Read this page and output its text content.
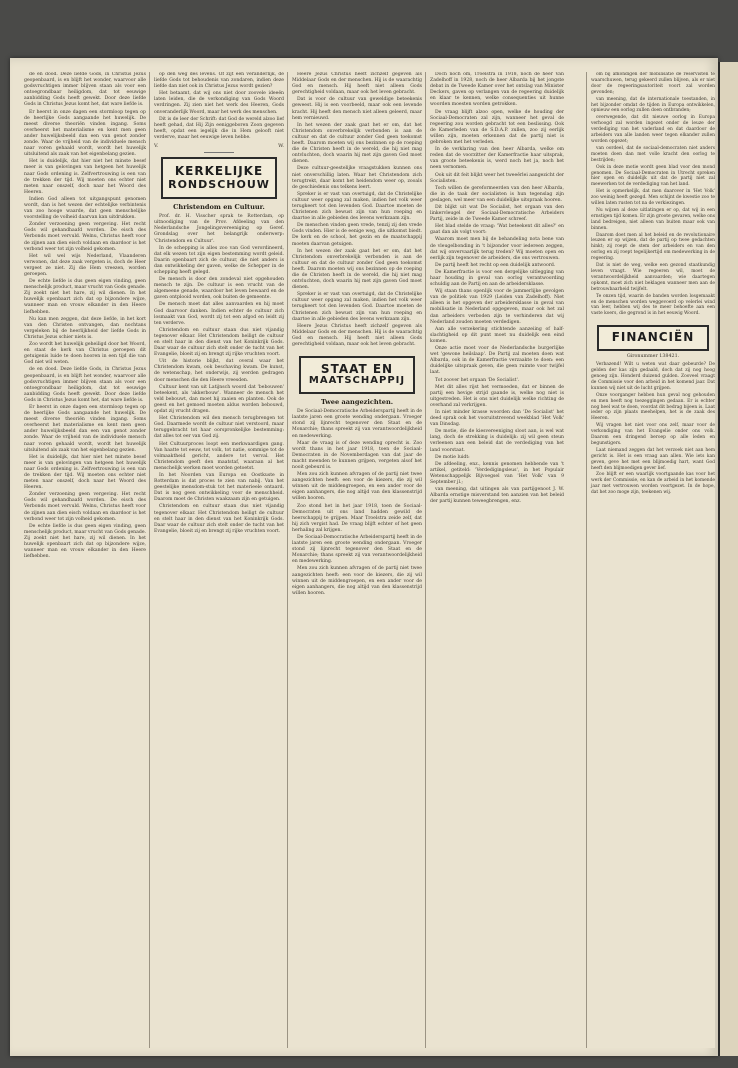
de en dood. Deze liefde Gods, in Christus Jezus geopenbaard, is en blijft het wonder, waarvoor alle godsvruchtigen immer blijven staan als voor een ontoegrondbaar heiligdom, dat tot eeuwige aanbidding Gods heeft gewekt. Door deze liefde Gods in Christus Jezus komt het, dat ware liefde is.

Er heerst in onze dagen een stormloop tegen op de heerlijke Gods aangaande het huwelijk. De meest diverse theoriën vinden ingang. Soms overheerst het materialisme en kent men geen ander huwelijksbeeld dan een van genot zonder zonde. Waar de vrijheid van de individuele mensch naar voren gehaald wordt, wordt het huwelijk uitsluitend als zaak van het eigenbelang gezien.

Het is duidelijk, dat hier niet het minste besef meer is van gelovingen van hetgeen het huwelijk naar Gods ordening is. Zelfvertrouwing is een van de trekken der tijd. Wij moeten ons echter niet meten naar onszelf, doch naar het Woord des Heeren.

Indien God alleen tot uitgangspunt genomen wordt, dan is het wezen der echtelijke verbintenis van zoo hooge waarde, dat geen menschelijke voorstelling de volheid daarvan kan uitdrukken.

Zonder verzoening geen vergeving. Het recht Gods wil gehandhaafd worden. De eisch des Verbonds moet vervuld. Welnu, Christus heeft voor de zijnen aan dien eisch voldaan en daardoor is het verbond weer tot zijn volheid gekomen.

Het wil wel wijs Nederland, Vlaanderen verwonen, dat deze zaak vergeten is, doch de Heer vergeet ze niet. Zij die Hem vreezen, worden geroepen.

De echte liefde is dus geen eigen vinding, geen menschelijk product, maar vrucht van Gods genade. Zij zoekt niet het hare, zij wil dienen. In het huwelijk openbaart zich dat op bijzondere wijze, wanneer man en vrouw elkander in den Heere liefhebben.

Nu kan men zeggen, dat deze liefde, in het kort van den Christen ontvangen, dan nochtans vergeleken bij de heerlijkheid der liefde Gods in Christus Jezus schier niets is.

Zoo wordt het huwelijk geheiligd door het Woord, en staat de kerk van Christus geroepen dit getuigenis luide te doen hooren in een tijd die van God niet wil weten.

de en dood. Deze liefde Gods, in Christus Jezus geopenbaard, is en blijft het wonder, waarvoor alle godsvruchtigen immer blijven staan als voor een ontoegrondbaar heiligdom, dat tot eeuwige aanbidding Gods heeft gewekt. Door deze liefde Gods in Christus Jezus komt het, dat ware liefde is.

Er heerst in onze dagen een stormloop tegen op de heerlijke Gods aangaande het huwelijk. De meest diverse theoriën vinden ingang. Soms overheerst het materialisme en kent men geen ander huwelijksbeeld dan een van genot zonder zonde. Waar de vrijheid van de individuele mensch naar voren gehaald wordt, wordt het huwelijk uitsluitend als zaak van het eigenbelang gezien.

Het is duidelijk, dat hier niet het minste besef meer is van gelovingen van hetgeen het huwelijk naar Gods ordening is. Zelfvertrouwing is een van de trekken der tijd. Wij moeten ons echter niet meten naar onszelf, doch naar het Woord des Heeren.

Zonder verzoening geen vergeving. Het recht Gods wil gehandhaafd worden. De eisch des Verbonds moet vervuld. Welnu, Christus heeft voor de zijnen aan dien eisch voldaan en daardoor is het verbond weer tot zijn volheid gekomen.

De echte liefde is dus geen eigen vinding, geen menschelijk product, maar vrucht van Gods genade. Zij zoekt niet het hare, zij wil dienen. In het huwelijk openbaart zich dat op bijzondere wijze, wanneer man en vrouw elkander in den Heere liefhebben.

op den weg des levens. Of zijt een veranderlijk, de liefde Gods tot behoudenis van zondaren, indien deze liefde dan niet ook in Christus Jezus wordt gezien?

Het betaamt, dat wij ons niet door zoovele ideeën laten leiden, die de verkondiging van Gods Woord verdringen. Zij zien niet het werk des Heeren, Gods onveranderlijk Woord, maar het werk des menschen.

Dit is de leer der Schrift: dat God de wereld alzoo lief heeft gehad, dat Hij Zijn eeniggeboren Zoon gegeven heeft, opdat een iegelijk die in Hem gelooft niet verderve, maar het eeuwige leven hebbe.

V.	W.
KERKELIJKE
RONDSCHOUW
Christendom en Cultuur.

Prof. dr. H. Visscher sprak te Rotterdam, op uitnoodiging van de Prov. Afdeeling van den Nederlandsche Jongelingsvereeniging op Geref. Grondslag over het belangrijk onderwerp: 'Christendom en Cultuur'.

In de schepping is alles zoo van God verordineerd, dat elk wezen tot zijn eigen bestemming wordt geleid. Daarin openbaart zich de cultuur, die niet anders is dan ontwikkeling der gaven, welke de Schepper in de schepping heeft gelegd.

De mensch is door den zondeval niet opgehouden mensch te zijn. De cultuur is een vrucht van de algemeene genade, waardoor het leven bewaard en de gaven ontplooid worden, ook buiten de gemeente.

De mensch moet dat alles aanvaarden en hij moet God daarvoor danken. Indien echter de cultuur zich losmaakt van God, wordt zij tot een afgod en leidt zij ten verderve.

Christendom en cultuur staan dus niet vijandig tegenover elkaar. Het Christendom heiligt de cultuur en stelt haar in den dienst van het Koninkrijk Gods. Daar waar de cultuur zich stelt onder de tucht van het Evangelie, bloeit zij en brengt zij rijke vruchten voort.

Uit de historie blijkt, dat overal waar het Christendom kwam, ook beschaving kwam. De kunst, de wetenschap, het onderwijs, zij werden gedragen door menschen die den Heere vreesden.

Cultuur kent van uit Latijnsch woord dat 'bebouwen' beteekent, als 'akkerbouw'. Wanneer de mensch het veld bebouwt, dan moet hij zaaien en planten. Ook de geest en het gemoed moeten aldus worden bebouwd, opdat zij vrucht dragen.

Het Christendom wil den mensch terugbrengen tot God. Daarmede wordt de cultuur niet verstoord, maar teruggebracht tot haar oorspronkelijke bestemming: dat alles tot eer van God zij.

Het Cultuurproces loopt een merkwaardigen gang. Van haatte tot eeuw, tot volk, tot natie, sommige tot de volmaaktheid gericht, andere tot verval. Het Christendom geeft den maatstaf, waaraan al het menschelijk werken moet worden getoetst.

In het Noorden van Europa en Oostkuste in Rotterdam is dat proces te zien van nabij. Van het geestelijke mensdom-stuk tot het materieele ontaard. Dat is nog geen ontwikkeling voor de menschheid. Daarom moet de Christen waakzaam zijn en getuigen.

Christendom en cultuur staan dus niet vijandig tegenover elkaar. Het Christendom heiligt de cultuur en stelt haar in den dienst van het Koninkrijk Gods. Daar waar de cultuur zich stelt onder de tucht van het Evangelie, bloeit zij en brengt zij rijke vruchten voort.

Heere Jezus Christus heeft zichzelf gegeven als Middelaar Gods en der menschen. Hij is de waarachtig God en mensch. Hij heeft niet alleen Gods gerechtigheid voldaan, maar ook het leven gebracht.

Dat is voor de cultuur van geweldige beteekenis geweest. Hij is een voorbeeld, maar ook een levende kracht. Hij heeft den mensch niet alleen geleerd, maar hem vernieuwd.

In het wezen der zaak gaat het er om, dat het Christendom onverbrekelijk verbonden is aan de cultuur en dat de cultuur zonder God geen toekomst heeft. Daarom moeten wij ons bezinnen op de roeping die de Christen heeft in de wereld, die hij niet mag ontvluchten, doch waarin hij met zijn gaven God moet dienen.

Deze cultuur-geestelijke vraagstukken kunnen ons niet onverschillig laten. Waar het Christendom zich terugtrekt, daar komt het heidendom weer op, zooals de geschiedenis ons telkens leert.

Spreker is er vast van overtuigd, dat de Christelijke cultuur weer opgang zal maken, indien het volk weer terugkeert tot den levenden God. Daartoe moeten de Christenen zich bewust zijn van hun roeping en daartoe in alle gebieden des levens werkzaam zijn.

De menschen vinden geen vrede, tenzij zij den vrede Gods vinden. Hier is de eenige weg, die uitkomst biedt. De kerk en de school, het gezin en de maatschappij moeten daarvan getuigen.

In het wezen der zaak gaat het er om, dat het Christendom onverbrekelijk verbonden is aan de cultuur en dat de cultuur zonder God geen toekomst heeft. Daarom moeten wij ons bezinnen op de roeping die de Christen heeft in de wereld, die hij niet mag ontvluchten, doch waarin hij met zijn gaven God moet dienen.

Spreker is er vast van overtuigd, dat de Christelijke cultuur weer opgang zal maken, indien het volk weer terugkeert tot den levenden God. Daartoe moeten de Christenen zich bewust zijn van hun roeping en daartoe in alle gebieden des levens werkzaam zijn.

Heere Jezus Christus heeft zichzelf gegeven als Middelaar Gods en der menschen. Hij is de waarachtig God en mensch. Hij heeft niet alleen Gods gerechtigheid voldaan, maar ook het leven gebracht.

STAAT EN
MAATSCHAPPIJ
Twee aangezichten.

De Sociaal-Democratische Arbeiderspartij heeft in de laatste jaren een groote wending ondergaan. Vroeger stond zij lijnrecht tegenover den Staat en de Monarchie; thans spreekt zij van verantwoordelijkheid en medewerking.

Maar de vraag is of deze wending oprecht is. Zoo wordt thans in het jaar 1918, toen de Sociaal-Democraten in de Novemberdagen van dat jaar de macht meenden te kunnen grijpen, vergeten alsof het nooit gebeurd is.

Men zou zich kunnen afvragen of de partij niet twee aangezichten heeft: een voor de kiezers, die zij wil winnen uit de middengroepen, en een ander voor de eigen aanhangers, die nog altijd van den klassenstrijd willen hooren.

Zoo stond het in het jaar 1918, toen de Sociaal-Democraten uit ons land hadden gewild de heerschappij te grijpen. Maar Troelstra zeide zelf, dat hij zich vergist had. De vraag blijft echter of het geen herhaling zal krijgen.

De Sociaal-Democratische Arbeiderspartij heeft in de laatste jaren een groote wending ondergaan. Vroeger stond zij lijnrecht tegenover den Staat en de Monarchie; thans spreekt zij van verantwoordelijkheid en medewerking.

Men zou zich kunnen afvragen of de partij niet twee aangezichten heeft: een voor de kiezers, die zij wil winnen uit de middengroepen, en een ander voor de eigen aanhangers, die nog altijd van den klassenstrijd willen hooren.

Doch noch om, Troelstra in 1918, noch de heer Van Zadelhoff in 1928, noch de heer Albarda bij het jongste debat in de Tweede Kamer over het ontslag van Minister Deckers, gaven op verlangen van de regeering duidelijk en klaar te kennen, welke consequenties uit hunne woorden moesten worden getrokken.

De vraag blijft alzoo open, welke de houding der Sociaal-Democraten zal zijn, wanneer het geval de regeering zou worden gebracht tot een beslissing. Ook de Kamerleden van de S.D.A.P. zullen, zoo zij eerlijk willen zijn, moeten erkennen dat de partij niet is gebroken met het verleden.

In de verklaring van den heer Albarda, welke om reden dat de voorzitter der Kamerfractie haar uitsprak, van groote beteekenis is, werd noch het ja, noch het neen vernomen.

Ook uit dit feit blijkt weer het tweeërlei aangezicht der Socialisten.

Toch willen de gereformeerden van den heer Albarda, die in de taak der socialisten is hun tegenslag zijn geslagen, wel meer van een duidelijke uitspraak hooren.

Dit blijkt uit wat De Socialist, het orgaan van den linkervleugel der Sociaal-Democratische Arbeiders Partij, zeide in de Tweede Kamer schreef.

Het blad stelde de vraag: 'Wat beteekent dit alles?' en gaat dan als volgt voort:

Waarom moet men bij de behandeling nota bene van de vleugelbonding in 't bijzonder voor iedereen zeggen, dat wij onvervaarlijk terug treden? Wij moeten open en eerlijk zijn tegenover de arbeiders, die ons vertrouwen.

De partij heeft het recht op een duidelijk antwoord.

De Kamerfractie is voor een dergelijke uitlegging van haar houding in geval van oorlog verantwoording schuldig aan de Partij en aan de arbeidersklasse.

Wij staan thans openlijk voor de jammerlijke gevolgen van de politiek van 1929 (Leiden van Zadelhoff). Niet alleen is het opgeven der arbeidersklasse in geval van mobilisatie in Nederland opgegeven, maar ook het zal dan arbeiders verboden zijn te verhinderen dat wij Nederland zouden moeten verdedigen.

Aan alle verzekering stichtende aanzeiing of half-slachtigheid op dit punt moet nu duidelijk een eind komen.

Onze actie moet voor de Nederlandsche burgerlijke wet 'gewone heilslaap'. De Partij zal moeten doen wat Albarda, ook in de Kamerfractie verzaakte te doen: een duidelijke uitspraak geven, die geen ruimte voor twijfel laat.

Tot zoover het orgaan 'De Socialist'.

Met dit alles rijst het vermoeden, dat er binnen de partij een hevige strijd gaande is, welke nog niet is uitgestreden. Het is ons niet duidelijk welke richting de overhand zal verkrijgen.

In niet minder krasse woorden dan 'De Socialist' het deed sprak ook het vooruitstrevend weekblad 'Het Volk' van Dinsdag.

De motie, die de kiesvereeniging sloot aan, is wel wat lang, doch de strekking is duidelijk: zij wil geen steun verleenen aan een beleid dat de verdediging van het land voorstaat.

De motie luidt:

De afdeeling, enz., kennis genomen hebbende van 't artikel, getiteld: 'Verdedigingsleus', in het Populair Wetenschappelijk Bijvoegsel van 'Het Volk' van 9 September jl.;

van meening, dat uitingen als van partijgenoot J. W. Albarda ernstige misverstand ten aanzien van het beleid der partij kunnen teweegbrengen, enz.

om bij afkondigen der mobilisatie de reservisten te waarschuwen, terug gekeerd zullen blijven, als er niet door de regeeringsautoriteit voort zal worden gevonden;

van meening, dat de internationale toestanden, in het bijzonder omdat de tijden in Europa ontwikkelen, opnieuw een oorlog zullen doen ontbranden;

overwegende, dat dit nieuwe oorlog in Europa verhoogd zal worden ingezet onder de leuze der verdediging van het vaderland en dat daardoor de arbeiders van alle landen weer tegen elkander zullen worden opgezet;

van oordeel, dat de sociaal-democraten niet anders moeten doen dan met volle kracht den oorlog te bestrijden;

Ook in deze motie wordt geen blad voor den mond genomen. De Sociaal-Democraten in Utrecht spreken hier open en duidelijk uit dat de partij niet zal meewerken tot de verdediging van het land.

Het is opmerkelijk, dat men daarover in 'Het Volk' zoo weinig heeft gezegd. Men schijnt de kwestie zoo te willen laten rusten tot na de verkiezingen.

Nu wijzen al deze uitlatingen er op, dat wij in een ernstigen tijd komen. Er zijn groote gevaren, welke ons land bedreigen, niet alleen van buiten maar ook van binnen.

Daarom doet men al het beleid en de revolutionaire leuzen er op wijzen, dat de partij op twee gedachten hinkt; zij roept de stem der arbeiders en van den oorlog en zij roept tegelijkertijd om medewerking in de regeering.

Dat is niet de weg, welke een gezond staatkundig leven vraagt. Wie regeeren wil, moet de verantwoordelijkheid aanvaarden; wie daartegen opkomt, moet zich niet beklagen wanneer men aan de betrouwbaarheid twijfelt.

Te onzen tijd, waarin de banden worden losgemaakt en de menschen worden weggevoerd op velerlei wind van leer, hebben wij des te meer behoefte aan een vaste koers, die gegrond is in het eeuwig Woord.

FINANCIËN
Gironummer 138421.

Verbazend! Wilt u weten wat daar gebeurde? De gelden der kas zijn gedaald, doch dat zij nog hoog genoeg zijn. Honderd duizend gulden. Zooveel vraagt de Commissie voor den arbeid in het komend jaar. Dat kunnen wij niet uit de lucht grijpen.

Onze voorganger hebben hun geval nog gehouden en men heeft nog toezeggingen gedaan. Er is echter nog heel wat te doen, voordat dit bedrag bijeen is. Laat ieder op zijn plaats meehelpen, het is de zaak des Heeren.

Wij vragen het niet voor ons zelf, maar voor de verkondiging van het Evangelie onder ons volk. Daarom een dringend beroep op alle leden en begunstigers.

Laat niemand zeggen dat het verzoek niet aan hem gericht is. Het is een vraag aan allen. Wie iets kan geven, geve het met een blijmoedig hart, want God heeft den blijmoedigen gever lief.

Zoo blijft er een waarlijk voortgaande kas voor het werk der Commissie, en kan de arbeid in het komende jaar met vertrouwen worden voortgezet. In de hope, dat het zoo moge zijn, teekenen wij.
